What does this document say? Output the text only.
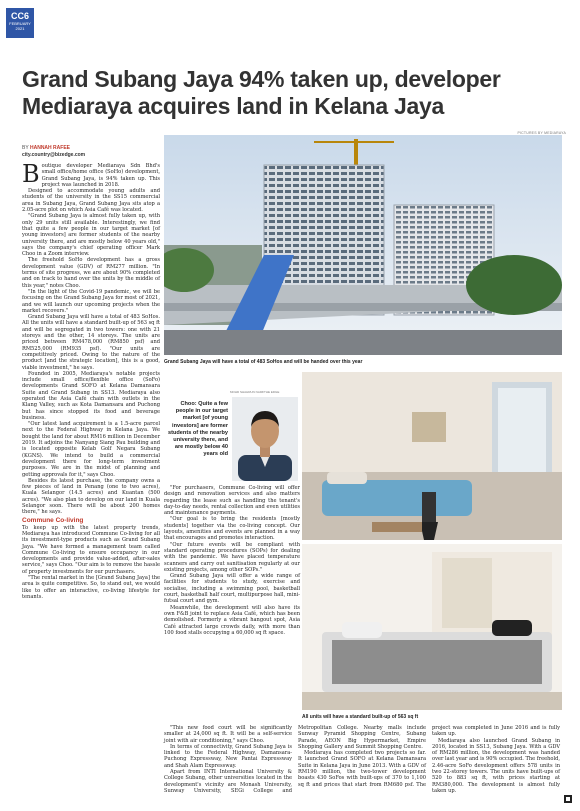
CC6
FEBRUARY 2021
Grand Subang Jaya 94% taken up, developer Mediaraya acquires land in Kelana Jaya
PICTURES BY MEDIARAYA
BY HANNAH RAFEE
city.country@bizedge.com

Boutique developer Mediaraya Sdn Bhd's small office/home office (SoHo) development, Grand Subang Jaya, is 94% taken up. This project was launched in 2018.

Designed to accommodate young adults and students of the university in the SS15 commercial area in Subang Jaya, Grand Subang Jaya sits atop a 2.05-acre plot on which Asia Café was located.

"Grand Subang Jaya is almost fully taken up, with only 29 units still available. Interestingly, we find that quite a few people in our target market [of young investors] are former students of the nearby university there, and are mostly below 40 years old," says the company's chief operating officer Mark Choo in a Zoom interview.

The freehold SoHo development has a gross development value (GDV) of RM277 million. "In terms of site progress, we are about 90% completed and on track to hand over the units by the middle of this year," notes Choo.

"In the light of the Covid-19 pandemic, we will be focusing on the Grand Subang Jaya for most of 2021, and we will launch our upcoming projects when the market recovers."

Grand Subang Jaya will have a total of 483 SoHos. All the units will have a standard built-up of 563 sq ft and will be segregated in two towers: one with 21 storeys and the other, 14 storeys. The units are priced between RM478,000 (RM850 psf) and RM525,000 (RM935 psf). "Our units are competitively priced. Owing to the nature of the product [and the strategic location], this is a good, viable investment," he says.

Founded in 2005, Mediaraya's notable projects include small office/flexible office (SoFo) developments Grand SOFO at Kelana Damansara Suite and Grand Subang in SS13. Mediaraya also operated the Asia Café chain with outlets in the Klang Valley, such as Kota Damansara and Puchong but has since stopped its food and beverage business.

"Our latest land acquirement is a 1.5-acre parcel next to the Federal Highway in Kelana Jaya. We bought the land for about RM16 million in December 2019. It adjoins the Nanyang Siang Pau building and is located opposite Kelab Golf Negara Subang (KGNS). We intend to build a commercial development there for long-term investment purposes. We are in the midst of planning and getting approvals for it," says Choo.

Besides its latest purchase, the company owns a few pieces of land in Penang (one to two acres), Kuala Selangor (14.5 acres) and Kuantan (500 acres). "We also plan to develop on our land in Kuala Selangor soon. There will be about 200 homes there," he says.

Commune Co-living

To keep up with the latest property trends, Mediaraya has introduced Commune Co-living for all its investment-type products such as Grand Subang Jaya. "We have formed a management team called Commune Co-living to ensure occupancy in our developments and provide value-added, after-sales service," says Choo. "Our aim is to remove the hassle of property investments for our purchasers.

"The rental market in the [Grand Subang Jaya] the area is quite competitive. So, to stand out, we would like to offer an interactive, co-living lifestyle for tenants.

Grand Subang Jaya will have a total of 483 SoHos and will be handed over this year
MOHD SHAHRUN NAIM/THE EDGE
Choo: Quite a few people in our target market [of young investors] are former students of the nearby university there, and are mostly below 40 years old

"For purchasers, Commune Co-living will offer design and renovation services and also matters regarding the lease such as handling the tenant's day-to-day needs, rental collection and even utilities and maintenance payments.

"Our goal is to bring the residents [mostly students] together via the co-living concept. Our layouts, amenities and events are planned in a way that encourages and promotes interaction.

"Our future events will be compliant with standard operating procedures (SOPs) for dealing with the pandemic. We have placed temperature scanners and carry out sanitisation regularly at our existing projects, among other SOPs."

Grand Subang Jaya will offer a wide range of facilities for students to study, exercise and socialise, including a swimming pool, basketball court, basketball half court, multipurpose hall, mini-futsal court and gym.

Meanwhile, the development will also have its own F&B joint to replace Asia Café, which has been demolished. Formerly a vibrant hangout spot, Asia Café attracted large crowds daily, with more than 100 food stalls occupying a 60,000 sq ft space.

All units will have a standard built-up of 563 sq ft

"This new food court will be significantly smaller at 24,000 sq ft. It will be a self-service joint with air conditioning," says Choo.

In terms of connectivity, Grand Subang Jaya is linked to the Federal Highway, Damansara-Puchong Expressway, New Pantai Expressway and Shah Alam Expressway.

Apart from INTI International University & College Subang, other universities located in the development's vicinity are Monash University, Sunway University, SEGi College and Metropolitan College. Nearby malls include Sunway Pyramid Shopping Centre, Subang Parade, AEON Big Hypermarket, Empire Shopping Gallery and Summit Shopping Centre.

Mediaraya has completed two projects so far. It launched Grand SOFO at Kelana Damansara Suite in Kelana Jaya in June 2013. With a GDV of RM190 million, the two-tower development boasts 430 SoFos with built-ups of 370 to 1,100 sq ft and prices that start from RM680 psf. The project was completed in June 2016 and is fully taken up.

Mediaraya also launched Grand Subang in 2016, located in SS13, Subang Jaya. With a GDV of RM286 million, the development was handed over last year and is 90% occupied. The freehold, 2.46-acre SoFo development offers 578 units in two 22-storey towers. The units have built-ups of 520 to 883 sq ft, with prices starting at RM380,000. The development is almost fully taken up.
